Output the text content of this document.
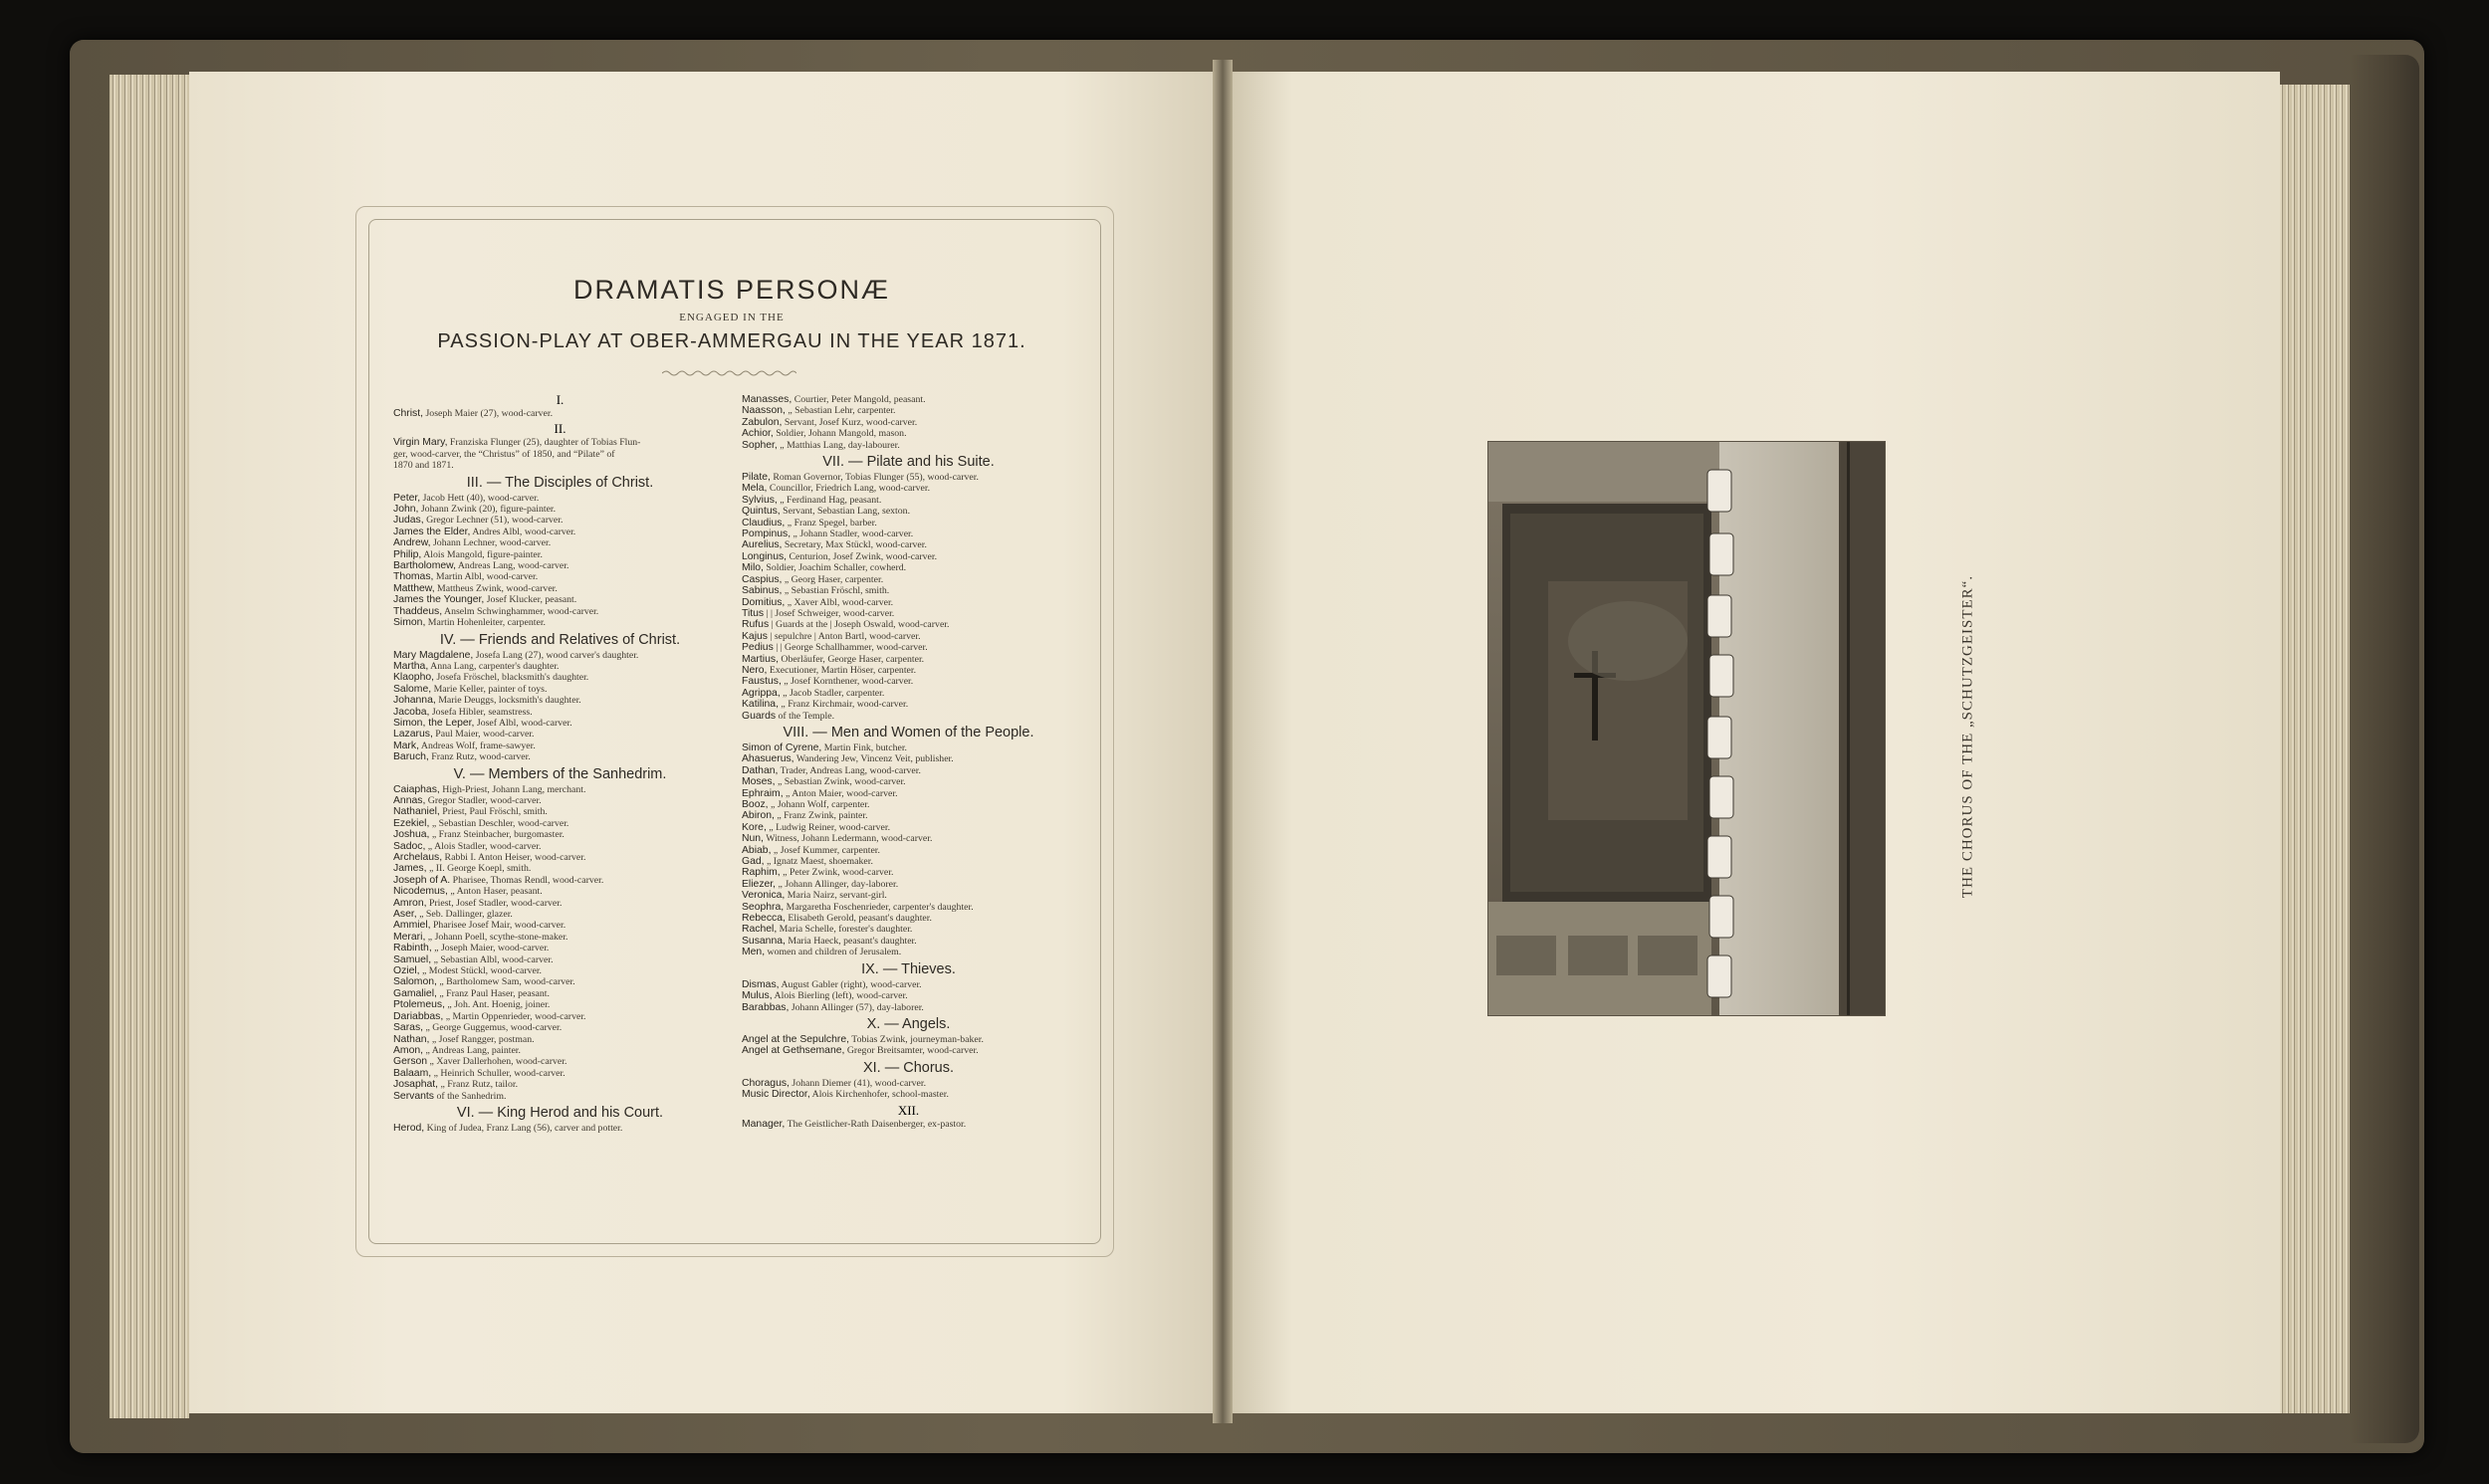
DRAMATIS PERSONÆ
ENGAGED IN THE
PASSION-PLAY AT OBER-AMMERGAU IN THE YEAR 1871.
I.
Christ, Joseph Maier (27), wood-carver.
II.
Virgin Mary, Franziska Flunger (25), daughter of Tobias Flun-
ger, wood-carver, the “Christus” of 1850, and “Pilate” of
1870 and 1871.
III. — The Disciples of Christ.
Peter, Jacob Hett (40), wood-carver.
John, Johann Zwink (20), figure-painter.
Judas, Gregor Lechner (51), wood-carver.
James the Elder, Andres Albl, wood-carver.
Andrew, Johann Lechner, wood-carver.
Philip, Alois Mangold, figure-painter.
Bartholomew, Andreas Lang, wood-carver.
Thomas, Martin Albl, wood-carver.
Matthew, Mattheus Zwink, wood-carver.
James the Younger, Josef Klucker, peasant.
Thaddeus, Anselm Schwinghammer, wood-carver.
Simon, Martin Hohenleiter, carpenter.
IV. — Friends and Relatives of Christ.
Mary Magdalene, Josefa Lang (27), wood carver's daughter.
Martha, Anna Lang, carpenter's daughter.
Klaopho, Josefa Fröschel, blacksmith's daughter.
Salome, Marie Keller, painter of toys.
Johanna, Marie Deuggs, locksmith's daughter.
Jacoba, Josefa Hibler, seamstress.
Simon, the Leper, Josef Albl, wood-carver.
Lazarus, Paul Maier, wood-carver.
Mark, Andreas Wolf, frame-sawyer.
Baruch, Franz Rutz, wood-carver.
V. — Members of the Sanhedrim.
Caiaphas, High-Priest, Johann Lang, merchant.
Annas, Gregor Stadler, wood-carver.
Nathaniel, Priest, Paul Fröschl, smith.
Ezekiel, „ Sebastian Deschler, wood-carver.
Joshua, „ Franz Steinbacher, burgomaster.
Sadoc, „ Alois Stadler, wood-carver.
Archelaus, Rabbi I. Anton Heiser, wood-carver.
James, „ II. George Koepl, smith.
Joseph of A. Pharisee, Thomas Rendl, wood-carver.
Nicodemus, „ Anton Haser, peasant.
Amron, Priest, Josef Stadler, wood-carver.
Aser, „ Seb. Dallinger, glazer.
Ammiel, Pharisee Josef Mair, wood-carver.
Merari, „ Johann Poell, scythe-stone-maker.
Rabinth, „ Joseph Maier, wood-carver.
Samuel, „ Sebastian Albl, wood-carver.
Oziel, „ Modest Stückl, wood-carver.
Salomon, „ Bartholomew Sam, wood-carver.
Gamaliel, „ Franz Paul Haser, peasant.
Ptolemeus, „ Joh. Ant. Hoenig, joiner.
Dariabbas, „ Martin Oppenrieder, wood-carver.
Saras, „ George Guggemus, wood-carver.
Nathan, „ Josef Rangger, postman.
Amon, „ Andreas Lang, painter.
Gerson „ Xaver Dallerhohen, wood-carver.
Balaam, „ Heinrich Schuller, wood-carver.
Josaphat, „ Franz Rutz, tailor.
Servants of the Sanhedrim.
VI. — King Herod and his Court.
Herod, King of Judea, Franz Lang (56), carver and potter.
Manasses, Courtier, Peter Mangold, peasant.
Naasson, „ Sebastian Lehr, carpenter.
Zabulon, Servant, Josef Kurz, wood-carver.
Achior, Soldier, Johann Mangold, mason.
Sopher, „ Matthias Lang, day-labourer.
VII. — Pilate and his Suite.
Pilate, Roman Governor, Tobias Flunger (55), wood-carver.
Mela, Councillor, Friedrich Lang, wood-carver.
Sylvius, „ Ferdinand Hag, peasant.
Quintus, Servant, Sebastian Lang, sexton.
Claudius, „ Franz Spegel, barber.
Pompinus, „ Johann Stadler, wood-carver.
Aurelius, Secretary, Max Stückl, wood-carver.
Longinus, Centurion, Josef Zwink, wood-carver.
Milo, Soldier, Joachim Schaller, cowherd.
Caspius, „ Georg Haser, carpenter.
Sabinus, „ Sebastian Fröschl, smith.
Domitius, „ Xaver Albl, wood-carver.
Titus | | Josef Schweiger, wood-carver.
Rufus | Guards at the | Joseph Oswald, wood-carver.
Kajus | sepulchre | Anton Bartl, wood-carver.
Pedius | | George Schallhammer, wood-carver.
Martius, Oberläufer, George Haser, carpenter.
Nero, Executioner, Martin Höser, carpenter.
Faustus, „ Josef Kornthener, wood-carver.
Agrippa, „ Jacob Stadler, carpenter.
Katilina, „ Franz Kirchmair, wood-carver.
Guards of the Temple.
VIII. — Men and Women of the People.
Simon of Cyrene, Martin Fink, butcher.
Ahasuerus, Wandering Jew, Vincenz Veit, publisher.
Dathan, Trader, Andreas Lang, wood-carver.
Moses, „ Sebastian Zwink, wood-carver.
Ephraim, „ Anton Maier, wood-carver.
Booz, „ Johann Wolf, carpenter.
Abiron, „ Franz Zwink, painter.
Kore, „ Ludwig Reiner, wood-carver.
Nun, Witness, Johann Ledermann, wood-carver.
Abiab, „ Josef Kummer, carpenter.
Gad, „ Ignatz Maest, shoemaker.
Raphim, „ Peter Zwink, wood-carver.
Eliezer, „ Johann Allinger, day-laborer.
Veronica, Maria Nairz, servant-girl.
Seophra, Margaretha Foschenrieder, carpenter's daughter.
Rebecca, Elisabeth Gerold, peasant's daughter.
Rachel, Maria Schelle, forester's daughter.
Susanna, Maria Haeck, peasant's daughter.
Men, women and children of Jerusalem.
IX. — Thieves.
Dismas, August Gabler (right), wood-carver.
Mulus, Alois Bierling (left), wood-carver.
Barabbas, Johann Allinger (57), day-laborer.
X. — Angels.
Angel at the Sepulchre, Tobias Zwink, journeyman-baker.
Angel at Gethsemane, Gregor Breitsamter, wood-carver.
XI. — Chorus.
Choragus, Johann Diemer (41), wood-carver.
Music Director, Alois Kirchenhofer, school-master.
XII.
Manager, The Geistlicher-Rath Daisenberger, ex-pastor.
THE CHORUS OF THE „SCHUTZGEISTER“.
